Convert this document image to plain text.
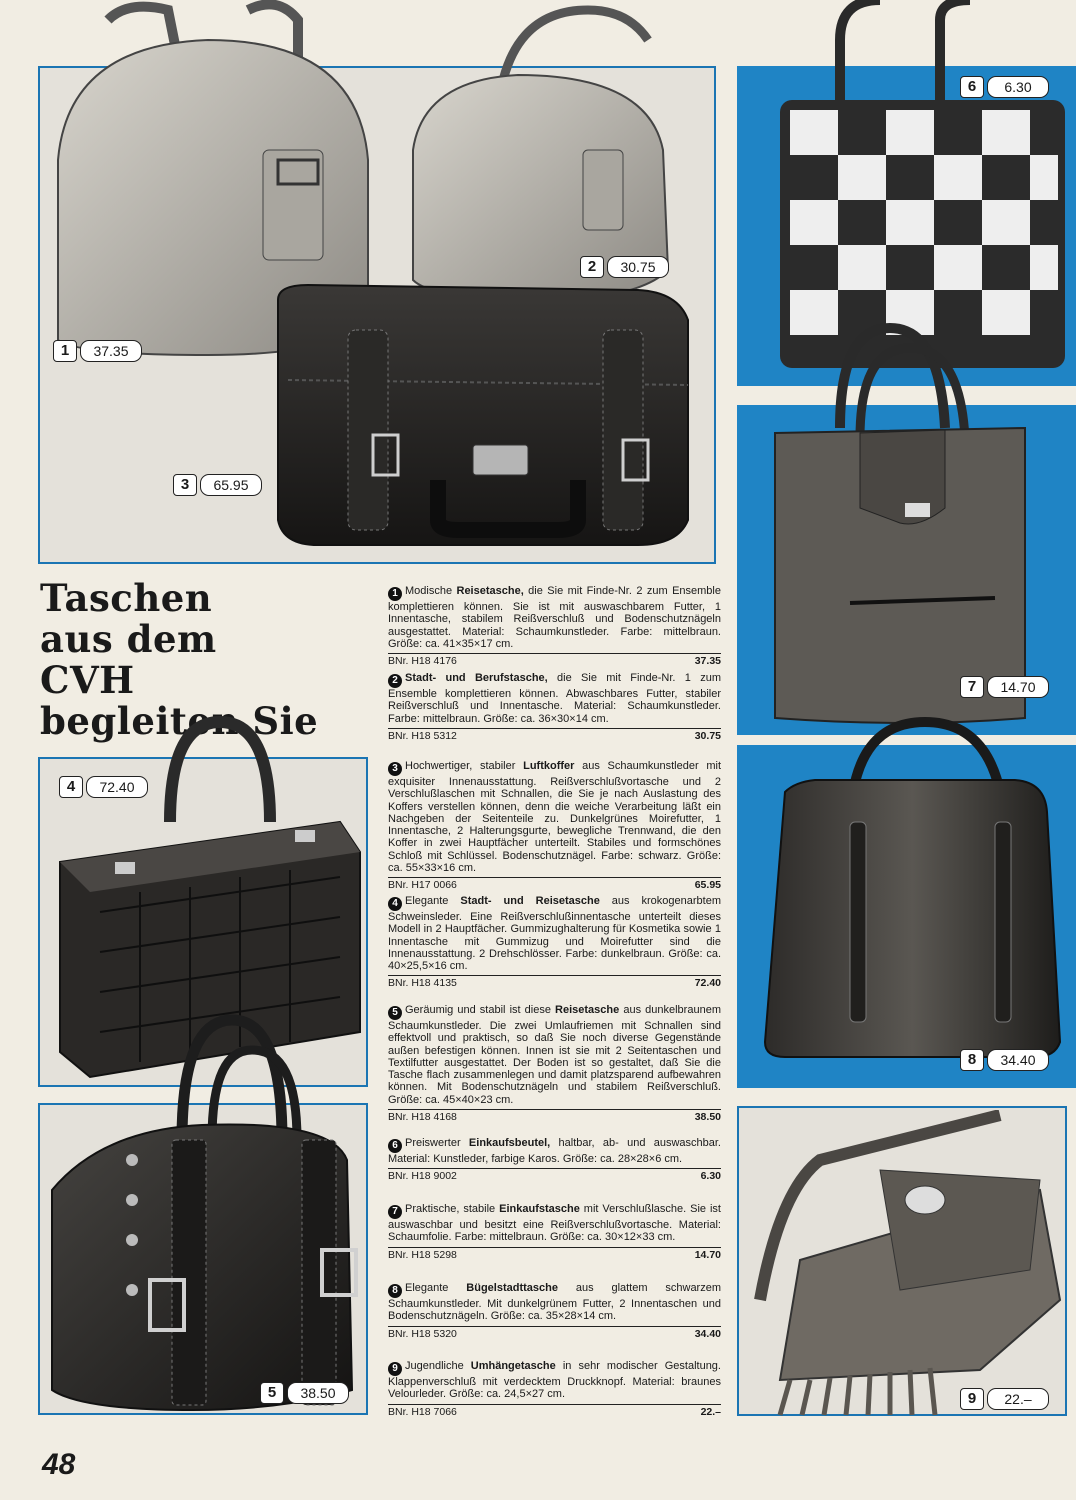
1	37.35
2	30.75
3	65.95
Taschen
aus dem
CVH
begleiten Sie
4	72.40
5	38.50
6	6.30
7	14.70
8	34.40
9	22.–
1 Modische Reisetasche, die Sie mit Finde-Nr. 2 zum Ensemble komplettieren können. Sie ist mit auswaschbarem Futter, 1 Innentasche, stabilem Reißverschluß und Bodenschutznägeln ausgestattet. Material: Schaumkunstleder. Farbe: mittelbraun. Größe: ca. 41×35×17 cm.
BNr. H18 4176	37.35
2 Stadt- und Berufstasche, die Sie mit Finde-Nr. 1 zum Ensemble komplettieren können. Abwaschbares Futter, stabiler Reißverschluß und Innentasche. Material: Schaumkunstleder. Farbe: mittelbraun. Größe: ca. 36×30×14 cm.
BNr. H18 5312	30.75
3 Hochwertiger, stabiler Luftkoffer aus Schaumkunstleder mit exquisiter Innenausstattung. Reißverschlußvortasche und 2 Verschlußlaschen mit Schnallen, die Sie je nach Auslastung des Koffers verstellen können, denn die weiche Verarbeitung läßt ein Nachgeben der Seitenteile zu. Dunkelgrünes Moirefutter, 1 Innentasche, 2 Halterungsgurte, bewegliche Trennwand, die den Koffer in zwei Hauptfächer unterteilt. Stabiles und formschönes Schloß mit Schlüssel. Bodenschutznägel. Farbe: schwarz. Größe: ca. 55×33×16 cm.
BNr. H17 0066	65.95
4 Elegante Stadt- und Reisetasche aus krokogenarbtem Schweinsleder. Eine Reißverschlußinnentasche unterteilt dieses Modell in 2 Hauptfächer. Gummizughalterung für Kosmetika sowie 1 Innentasche mit Gummizug und Moirefutter sind die Innenausstattung. 2 Drehschlösser. Farbe: dunkelbraun. Größe: ca. 40×25,5×16 cm.
BNr. H18 4135	72.40
5 Geräumig und stabil ist diese Reisetasche aus dunkelbraunem Schaumkunstleder. Die zwei Umlaufriemen mit Schnallen sind effektvoll und praktisch, so daß Sie noch diverse Gegenstände außen befestigen können. Innen ist sie mit 2 Seitentaschen und Textilfutter ausgestattet. Der Boden ist so gestaltet, daß Sie die Tasche flach zusammenlegen und damit platzsparend aufbewahren können. Mit Bodenschutznägeln und stabilem Reißverschluß. Größe: ca. 45×40×23 cm.
BNr. H18 4168	38.50
6 Preiswerter Einkaufsbeutel, haltbar, ab- und auswaschbar. Material: Kunstleder, farbige Karos. Größe: ca. 28×28×6 cm.
BNr. H18 9002	6.30
7 Praktische, stabile Einkaufstasche mit Verschlußlasche. Sie ist auswaschbar und besitzt eine Reißverschlußvortasche. Material: Schaumfolie. Farbe: mittelbraun. Größe: ca. 30×12×33 cm.
BNr. H18 5298	14.70
8 Elegante Bügelstadttasche aus glattem schwarzem Schaumkunstleder. Mit dunkelgrünem Futter, 2 Innentaschen und Bodenschutznägeln. Größe: ca. 35×28×14 cm.
BNr. H18 5320	34.40
9 Jugendliche Umhängetasche in sehr modischer Gestaltung. Klappenverschluß mit verdecktem Druckknopf. Material: braunes Velourleder. Größe: ca. 24,5×27 cm.
BNr. H18 7066	22.–
48
